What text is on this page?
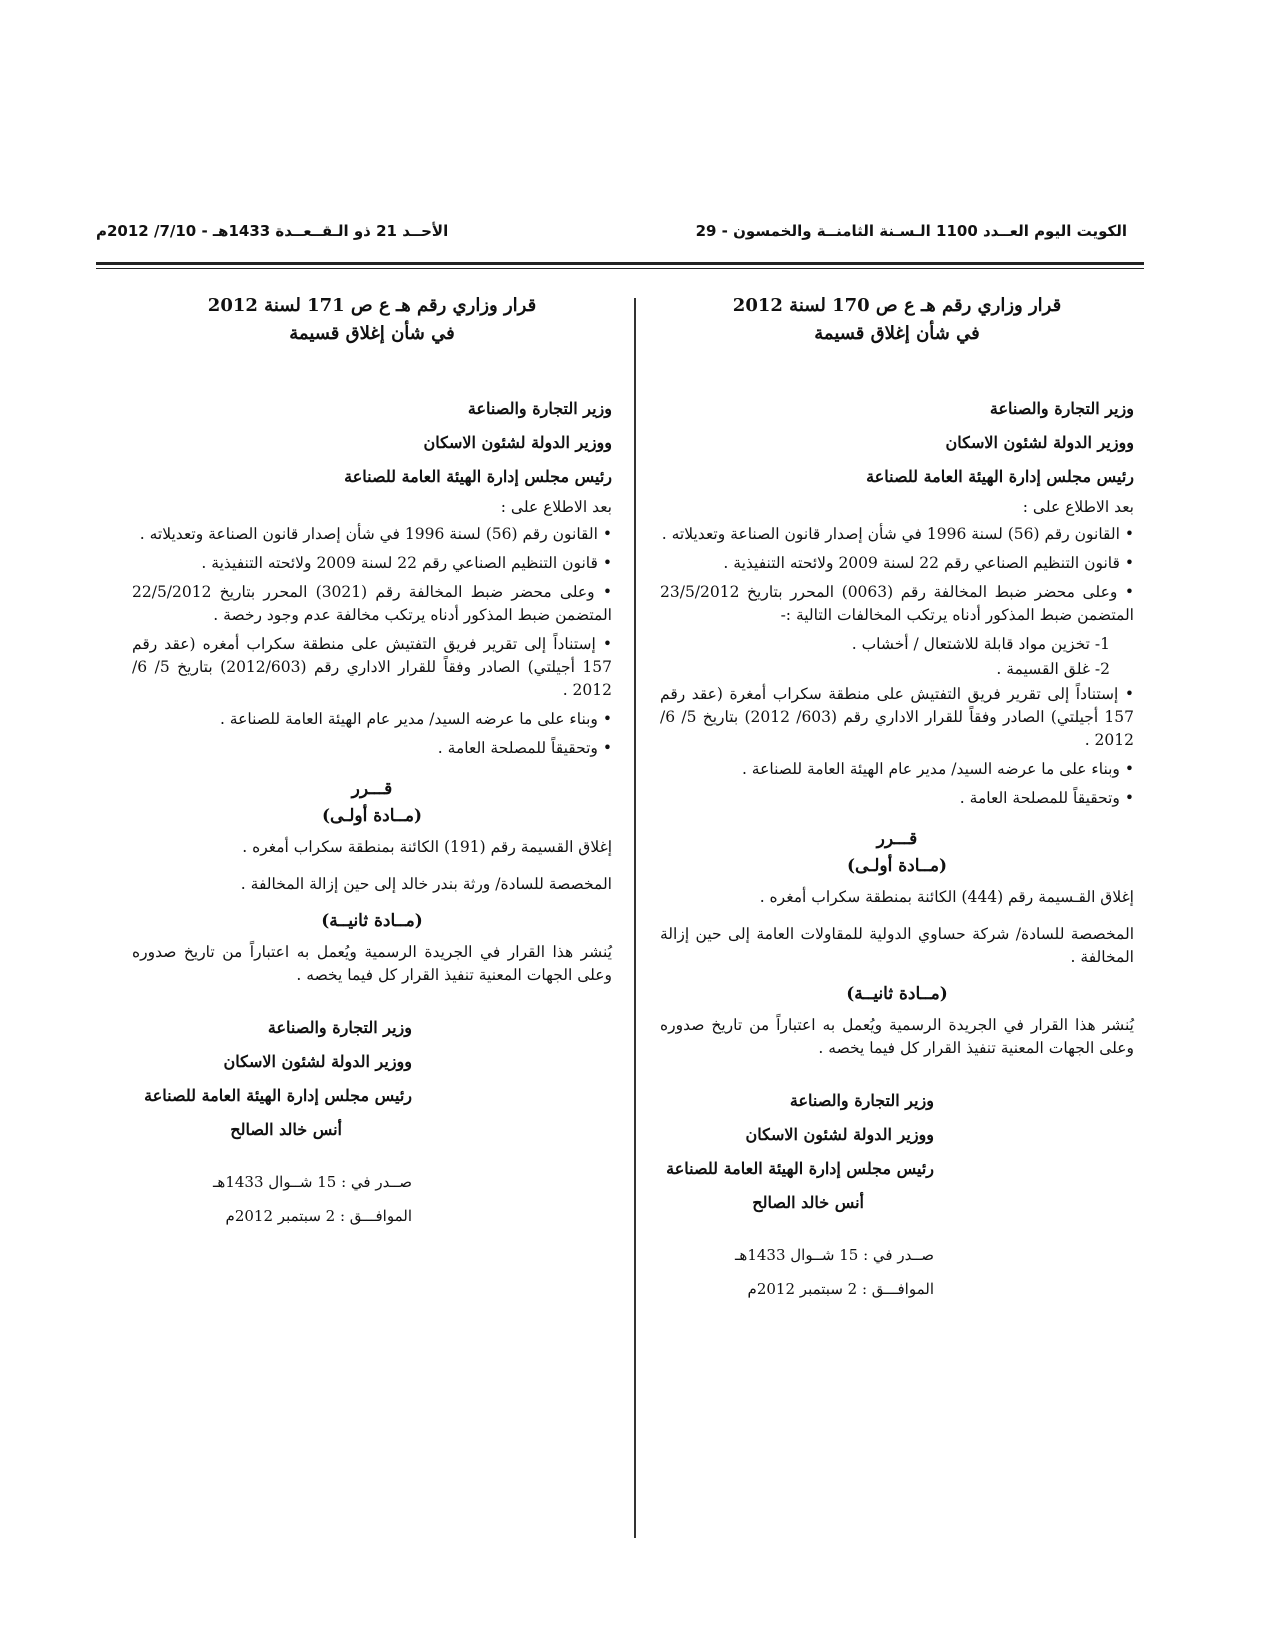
الأحــد 21 ذو الـقــعــدة 1433هـ - 7/10/ 2012م	الكويت اليوم العــدد 1100 الـسـنة الثامنــة والخمسون - 29
قرار وزاري رقم هـ ع ص 170 لسنة 2012
في شأن إغلاق قسيمة
وزير التجارة والصناعة
ووزير الدولة لشئون الاسكان
رئيس مجلس إدارة الهيئة العامة للصناعة
بعد الاطلاع على :
• القانون رقم (56) لسنة 1996 في شأن إصدار قانون الصناعة وتعديلاته .
• قانون التنظيم الصناعي رقم 22 لسنة 2009 ولائحته التنفيذية .
• وعلى محضر ضبط المخالفة رقم (0063) المحرر بتاريخ 23/5/2012 المتضمن ضبط المذكور أدناه يرتكب المخالفات التالية :-
1- تخزين مواد قابلة للاشتعال / أخشاب .
2- غلق القسيمة .
• إستناداً إلى تقرير فريق التفتيش على منطقة سكراب أمغرة (عقد رقم 157 أجيلتي) الصادر وفقاً للقرار الاداري رقم (603/ 2012) بتاريخ 5/ 6/ 2012 .
• وبناء على ما عرضه السيد/ مدير عام الهيئة العامة للصناعة .
• وتحقيقاً للمصلحة العامة .
قـــرر
(مــادة أولـى)
إغلاق القـسيمة رقم (444) الكائنة بمنطقة سكراب أمغره .
المخصصة للسادة/ شركة حساوي الدولية للمقاولات العامة إلى حين إزالة المخالفة .
(مــادة ثانيــة)
يُنشر هذا القرار في الجريدة الرسمية ويُعمل به اعتباراً من تاريخ صدوره وعلى الجهات المعنية تنفيذ القرار كل فيما يخصه .
وزير التجارة والصناعة
ووزير الدولة لشئون الاسكان
رئيس مجلس إدارة الهيئة العامة للصناعة
أنس خالد الصالح
صــدر في : 15 شــوال 1433هـ
الموافـــق : 2 سبتمبر 2012م
قرار وزاري رقم هـ ع ص 171 لسنة 2012
في شأن إغلاق قسيمة
وزير التجارة والصناعة
ووزير الدولة لشئون الاسكان
رئيس مجلس إدارة الهيئة العامة للصناعة
بعد الاطلاع على :
• القانون رقم (56) لسنة 1996 في شأن إصدار قانون الصناعة وتعديلاته .
• قانون التنظيم الصناعي رقم 22 لسنة 2009 ولائحته التنفيذية .
• وعلى محضر ضبط المخالفة رقم (3021) المحرر بتاريخ 22/5/2012 المتضمن ضبط المذكور أدناه يرتكب مخالفة عدم وجود رخصة .
• إستناداً إلى تقرير فريق التفتيش على منطقة سكراب أمغره (عقد رقم 157 أجيلتي) الصادر وفقاً للقرار الاداري رقم (2012/603) بتاريخ 5/ 6/ 2012 .
• وبناء على ما عرضه السيد/ مدير عام الهيئة العامة للصناعة .
• وتحقيقاً للمصلحة العامة .
قـــرر
(مــادة أولـى)
إغلاق القسيمة رقم (191) الكائنة بمنطقة سكراب أمغره .
المخصصة للسادة/ ورثة بندر خالد إلى حين إزالة المخالفة .
(مــادة ثانيــة)
يُنشر هذا القرار في الجريدة الرسمية ويُعمل به اعتباراً من تاريخ صدوره وعلى الجهات المعنية تنفيذ القرار كل فيما يخصه .
وزير التجارة والصناعة
ووزير الدولة لشئون الاسكان
رئيس مجلس إدارة الهيئة العامة للصناعة
أنس خالد الصالح
صــدر في : 15 شــوال 1433هـ
الموافـــق : 2 سبتمبر 2012م
